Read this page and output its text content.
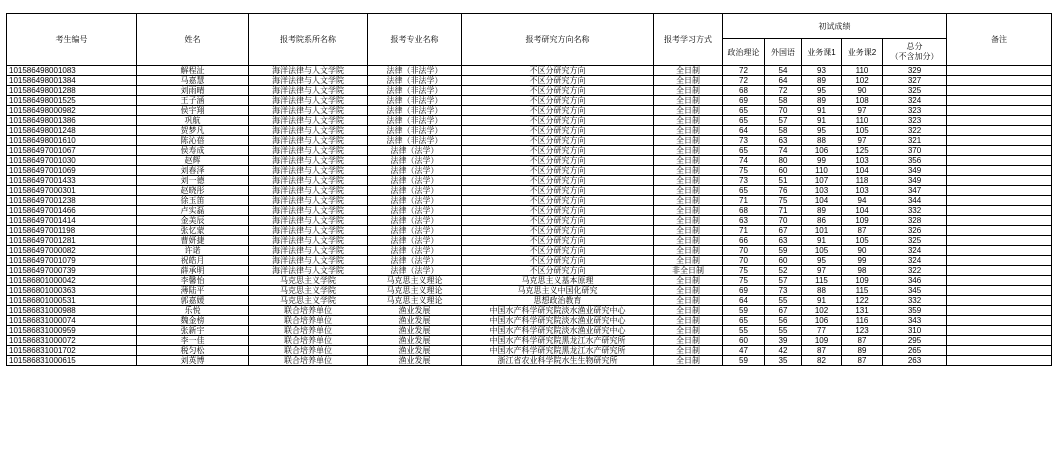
考生编号	姓名	报考院系所名称	报考专业名称	报考研究方向名称	报考学习方式	初试成绩					备注
						政治理论	外国语	业务课1	业务课2	总分
（不含加分）	
101586498001083	解程沚	海洋法律与人文学院	法律（非法学）	不区分研究方向	全日制	72	54	93	110	329	
101586498001384	马嘉慧	海洋法律与人文学院	法律（非法学）	不区分研究方向	全日制	72	64	89	102	327	
101586498001288	刘雨晴	海洋法律与人文学院	法律（非法学）	不区分研究方向	全日制	68	72	95	90	325	
101586498001525	王子涵	海洋法律与人文学院	法律（非法学）	不区分研究方向	全日制	69	58	89	108	324	
101586498000982	侯宇翔	海洋法律与人文学院	法律（非法学）	不区分研究方向	全日制	65	70	91	97	323	
101586498001386	巩航	海洋法律与人文学院	法律（非法学）	不区分研究方向	全日制	65	57	91	110	323	
101586498001248	贺梦凡	海洋法律与人文学院	法律（非法学）	不区分研究方向	全日制	64	58	95	105	322	
101586498001610	陈沁蓓	海洋法律与人文学院	法律（非法学）	不区分研究方向	全日制	73	63	88	97	321	
101586497001067	侯寿成	海洋法律与人文学院	法律（法学）	不区分研究方向	全日制	65	74	106	125	370	
101586497001030	赵辉	海洋法律与人文学院	法律（法学）	不区分研究方向	全日制	74	80	99	103	356	
101586497001069	刘春泽	海洋法律与人文学院	法律（法学）	不区分研究方向	全日制	75	60	110	104	349	
101586497001433	刘一德	海洋法律与人文学院	法律（法学）	不区分研究方向	全日制	73	51	107	118	349	
101586497000301	赵晓彤	海洋法律与人文学院	法律（法学）	不区分研究方向	全日制	65	76	103	103	347	
101586497001238	徐玉笛	海洋法律与人文学院	法律（法学）	不区分研究方向	全日制	71	75	104	94	344	
101586497001466	卢实磊	海洋法律与人文学院	法律（法学）	不区分研究方向	全日制	68	71	89	104	332	
101586497001414	金美辰	海洋法律与人文学院	法律（法学）	不区分研究方向	全日制	63	70	86	109	328	
101586497001198	张忆蒙	海洋法律与人文学院	法律（法学）	不区分研究方向	全日制	71	67	101	87	326	
101586497001281	曹妍捷	海洋法律与人文学院	法律（法学）	不区分研究方向	全日制	66	63	91	105	325	
101586497000082	许诺	海洋法律与人文学院	法律（法学）	不区分研究方向	全日制	70	59	105	90	324	
101586497001079	祝皓月	海洋法律与人文学院	法律（法学）	不区分研究方向	全日制	70	60	95	99	324	
101586497000739	薛承明	海洋法律与人文学院	法律（法学）	不区分研究方向	非全日制	75	52	97	98	322	
101586801000042	李馨怡	马克思主义学院	马克思主义理论	马克思主义基本原理	全日制	75	57	115	109	346	
101586801000363	薄陆平	马克思主义学院	马克思主义理论	马克思主义中国化研究	全日制	69	73	88	115	345	
101586801000531	郭嘉媛	马克思主义学院	马克思主义理论	思想政治教育	全日制	64	55	91	122	332	
101586831000988	乐悦	联合培养单位	渔业发展	中国水产科学研究院淡水渔业研究中心	全日制	59	67	102	131	359	
101586831000074	魏金榜	联合培养单位	渔业发展	中国水产科学研究院淡水渔业研究中心	全日制	65	56	106	116	343	
101586831000959	张新宇	联合培养单位	渔业发展	中国水产科学研究院淡水渔业研究中心	全日制	55	55	77	123	310	
101586831000072	李一佳	联合培养单位	渔业发展	中国水产科学研究院黑龙江水产研究所	全日制	60	39	109	87	295	
101586831001702	税匀松	联合培养单位	渔业发展	中国水产科学研究院黑龙江水产研究所	全日制	47	42	87	89	265	
101586831000615	刘英博	联合培养单位	渔业发展	浙江省农业科学院水生生物研究所	全日制	59	35	82	87	263	
